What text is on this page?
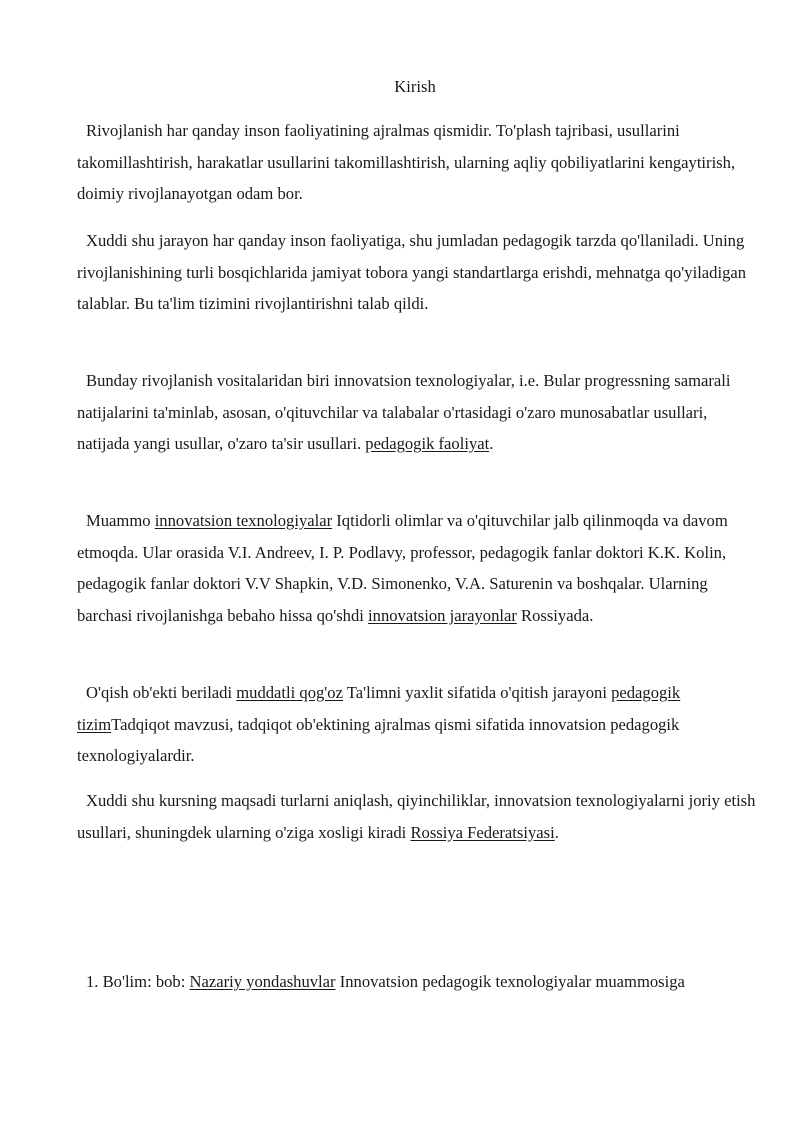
Kirish

Rivojlanish har qanday inson faoliyatining ajralmas qismidir. To'plash tajribasi, usullarini takomillashtirish, harakatlar usullarini takomillashtirish, ularning aqliy qobiliyatlarini kengaytirish, doimiy rivojlanayotgan odam bor.

Xuddi shu jarayon har qanday inson faoliyatiga, shu jumladan pedagogik tarzda qo'llaniladi. Uning rivojlanishining turli bosqichlarida jamiyat tobora yangi standartlarga erishdi, mehnatga qo'yiladigan talablar. Bu ta'lim tizimini rivojlantirishni talab qildi.

Bunday rivojlanish vositalaridan biri innovatsion texnologiyalar, i.e. Bular progressning samarali natijalarini ta'minlab, asosan, o'qituvchilar va talabalar o'rtasidagi o'zaro munosabatlar usullari, natijada yangi usullar, o'zaro ta'sir usullari. pedagogik faoliyat.

Muammo innovatsion texnologiyalar Iqtidorli olimlar va o'qituvchilar jalb qilinmoqda va davom etmoqda. Ular orasida V.I. Andreev, I. P. Podlavy, professor, pedagogik fanlar doktori K.K. Kolin, pedagogik fanlar doktori V.V Shapkin, V.D. Simonenko, V.A. Saturenin va boshqalar. Ularning barchasi rivojlanishga bebaho hissa qo'shdi innovatsion jarayonlar Rossiyada.

O'qish ob'ekti beriladi muddatli qog'oz Ta'limni yaxlit sifatida o'qitish jarayoni pedagogik tizimTadqiqot mavzusi, tadqiqot ob'ektining ajralmas qismi sifatida innovatsion pedagogik texnologiyalardir.

Xuddi shu kursning maqsadi turlarni aniqlash, qiyinchiliklar, innovatsion texnologiyalarni joriy etish usullari, shuningdek ularning o'ziga xosligi kiradi Rossiya Federatsiyasi.

1. Bo'lim: bob: Nazariy yondashuvlar Innovatsion pedagogik texnologiyalar muammosiga
